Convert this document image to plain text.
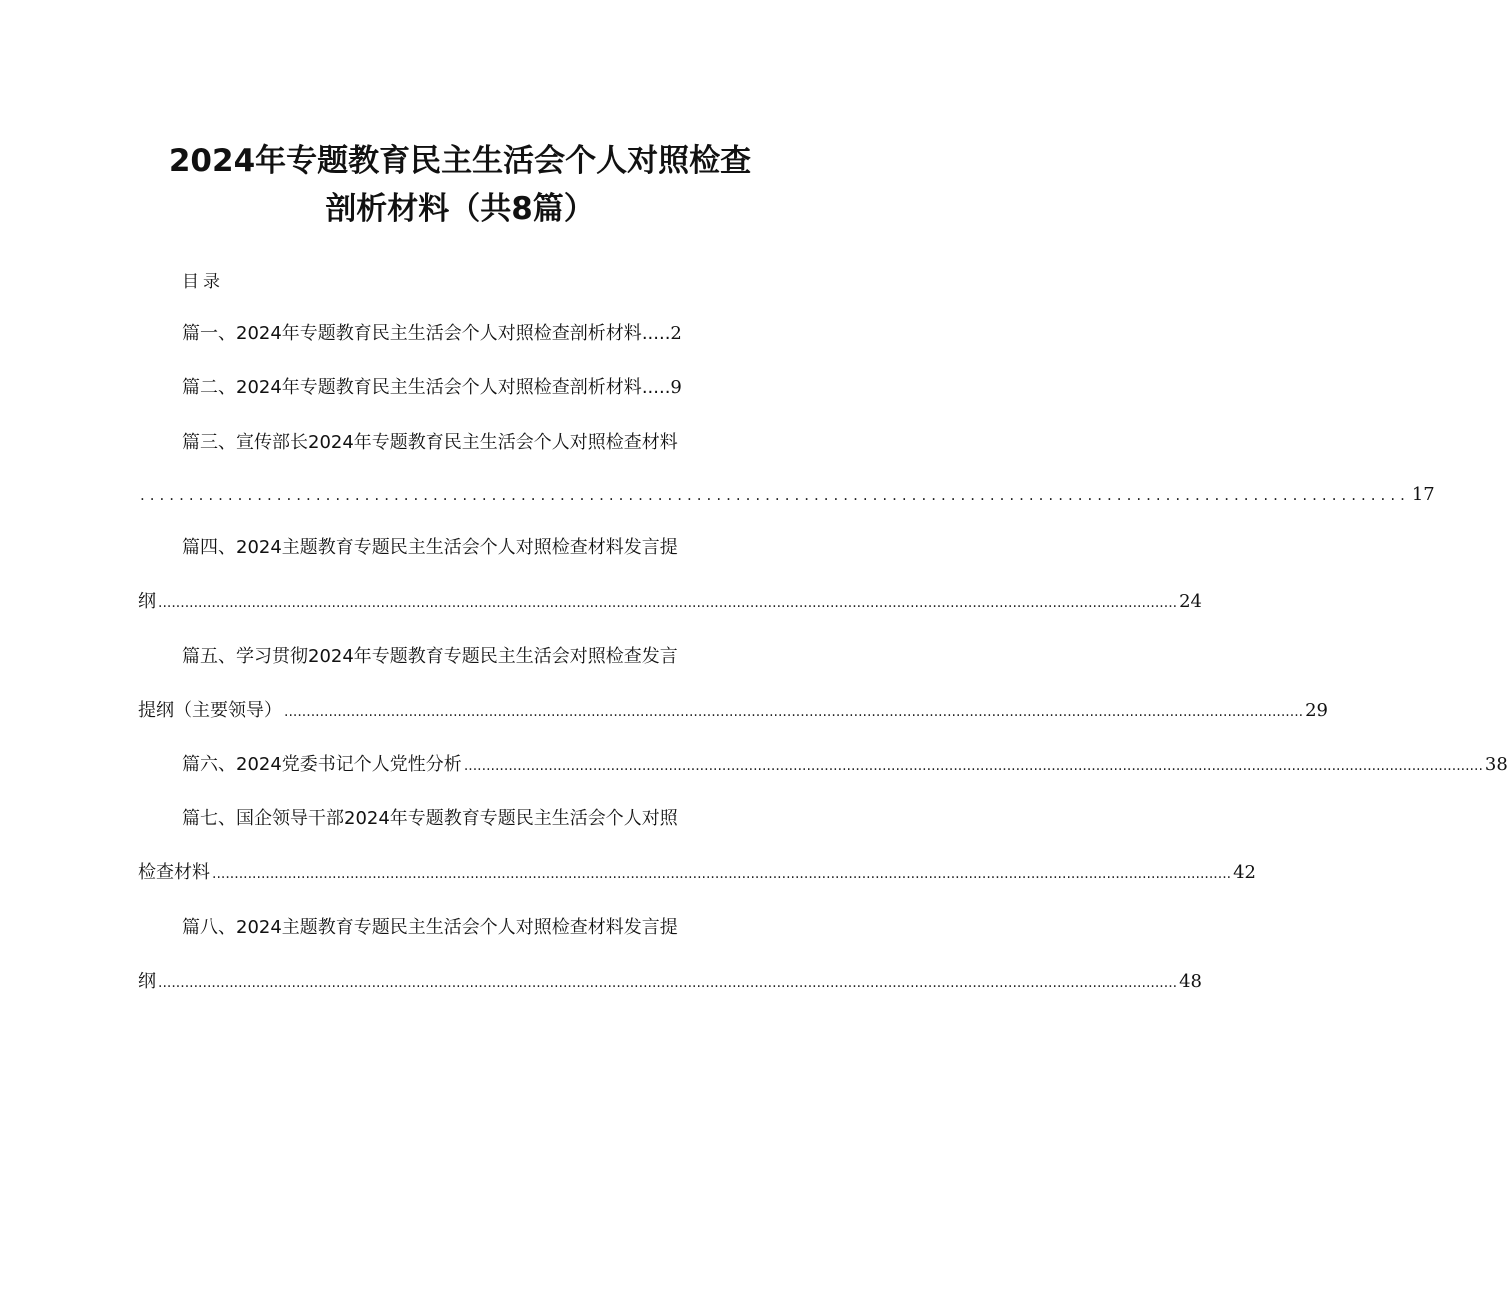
2024年专题教育民主生活会个人对照检查
剖析材料（共8篇）
目录
篇一、2024年专题教育民主生活会个人对照检查剖析材料 ..... 2
篇二、2024年专题教育民主生活会个人对照检查剖析材料 ..... 9
篇三、宣传部长2024年专题教育民主生活会个人对照检查材料
.................................................................................................................................. 17
篇四、2024主题教育专题民主生活会个人对照检查材料发言提
纲 ..................................................................................................................................................................................................................................... 24
篇五、学习贯彻2024年专题教育专题民主生活会对照检查发言
提纲（主要领导） ..................................................................................................................................................................................................................................... 29
篇六、2024党委书记个人党性分析 ..................................................................................................................................................................................................................................... 38
篇七、国企领导干部2024年专题教育专题民主生活会个人对照
检查材料 ..................................................................................................................................................................................................................................... 42
篇八、2024主题教育专题民主生活会个人对照检查材料发言提
纲 ..................................................................................................................................................................................................................................... 48
